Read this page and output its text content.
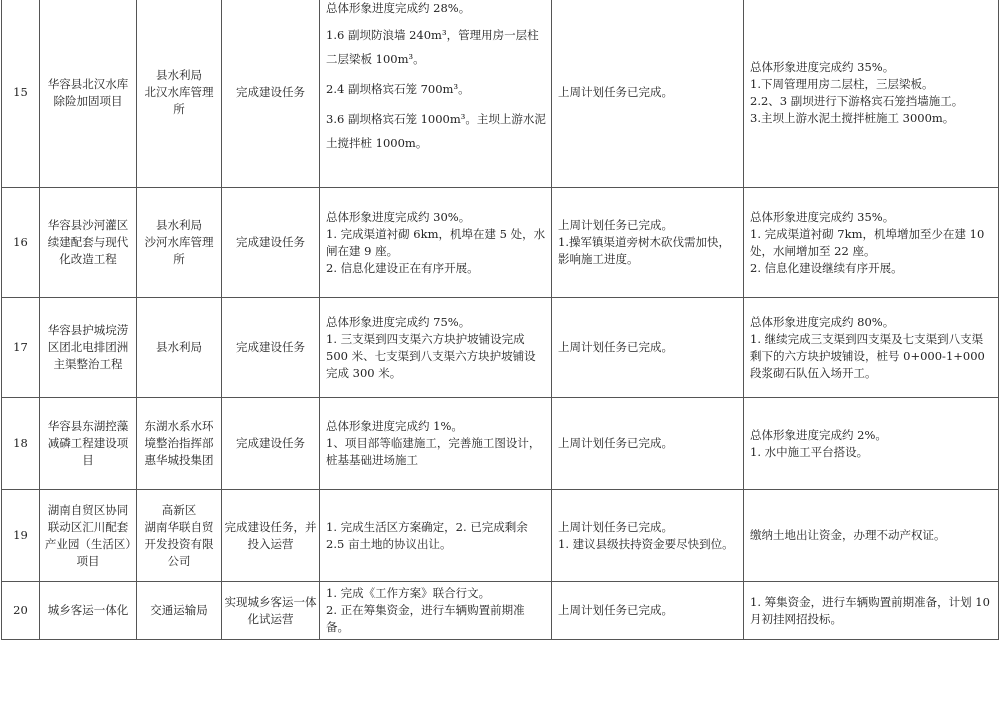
15	华容县北汉水库除险加固项目	县水利局
北汉水库管理所	完成建设任务	总体形象进度完成约 28%。
1.6 副坝防浪墙 240m³，管理用房一层柱二层梁板 100m³。
2.4 副坝格宾石笼 700m³。
3.6 副坝格宾石笼 1000m³。主坝上游水泥土搅拌桩 1000m。	上周计划任务已完成。	总体形象进度完成约 35%。
1.下周管理用房二层柱，三层梁板。
2.2、3 副坝进行下游格宾石笼挡墙施工。
3.主坝上游水泥土搅拌桩施工 3000m。

16	华容县沙河灌区续建配套与现代化改造工程	县水利局
沙河水库管理所	完成建设任务	总体形象进度完成约 30%。
1. 完成渠道衬砌 6km，机埠在建 5 处，水闸在建 9 座。
2. 信息化建设正在有序开展。	上周计划任务已完成。
1.操军镇渠道旁树木砍伐需加快，影响施工进度。	总体形象进度完成约 35%。
1. 完成渠道衬砌 7km，机埠增加至少在建 10 处，水闸增加至 22 座。
2. 信息化建设继续有序开展。

17	华容县护城垸涝区团北电排团洲主渠整治工程	县水利局	完成建设任务	总体形象进度完成约 75%。
1. 三支渠到四支渠六方块护坡铺设完成 500 米、七支渠到八支渠六方块护坡铺设完成 300 米。	上周计划任务已完成。	总体形象进度完成约 80%。
1. 继续完成三支渠到四支渠及七支渠到八支渠剩下的六方块护坡铺设，桩号 0+000-1+000 段浆砌石队伍入场开工。

18	华容县东湖控藻减磷工程建设项目	东湖水系水环境整治指挥部
惠华城投集团	完成建设任务	总体形象进度完成约 1%。
1、项目部等临建施工，完善施工图设计，桩基基础进场施工	上周计划任务已完成。	总体形象进度完成约 2%。
1. 水中施工平台搭设。

19	湖南自贸区协同联动区汇川配套产业园（生活区）项目	高新区
湖南华联自贸开发投资有限公司	完成建设任务，并投入运营	1. 完成生活区方案确定，2. 已完成剩余 2.5 亩土地的协议出让。	上周计划任务已完成。
1. 建议县级扶持资金要尽快到位。	缴纳土地出让资金，办理不动产权证。

20	城乡客运一体化	交通运输局	实现城乡客运一体化试运营	1. 完成《工作方案》联合行文。
2. 正在筹集资金，进行车辆购置前期准备。	上周计划任务已完成。	1. 筹集资金，进行车辆购置前期准备，计划 10 月初挂网招投标。
